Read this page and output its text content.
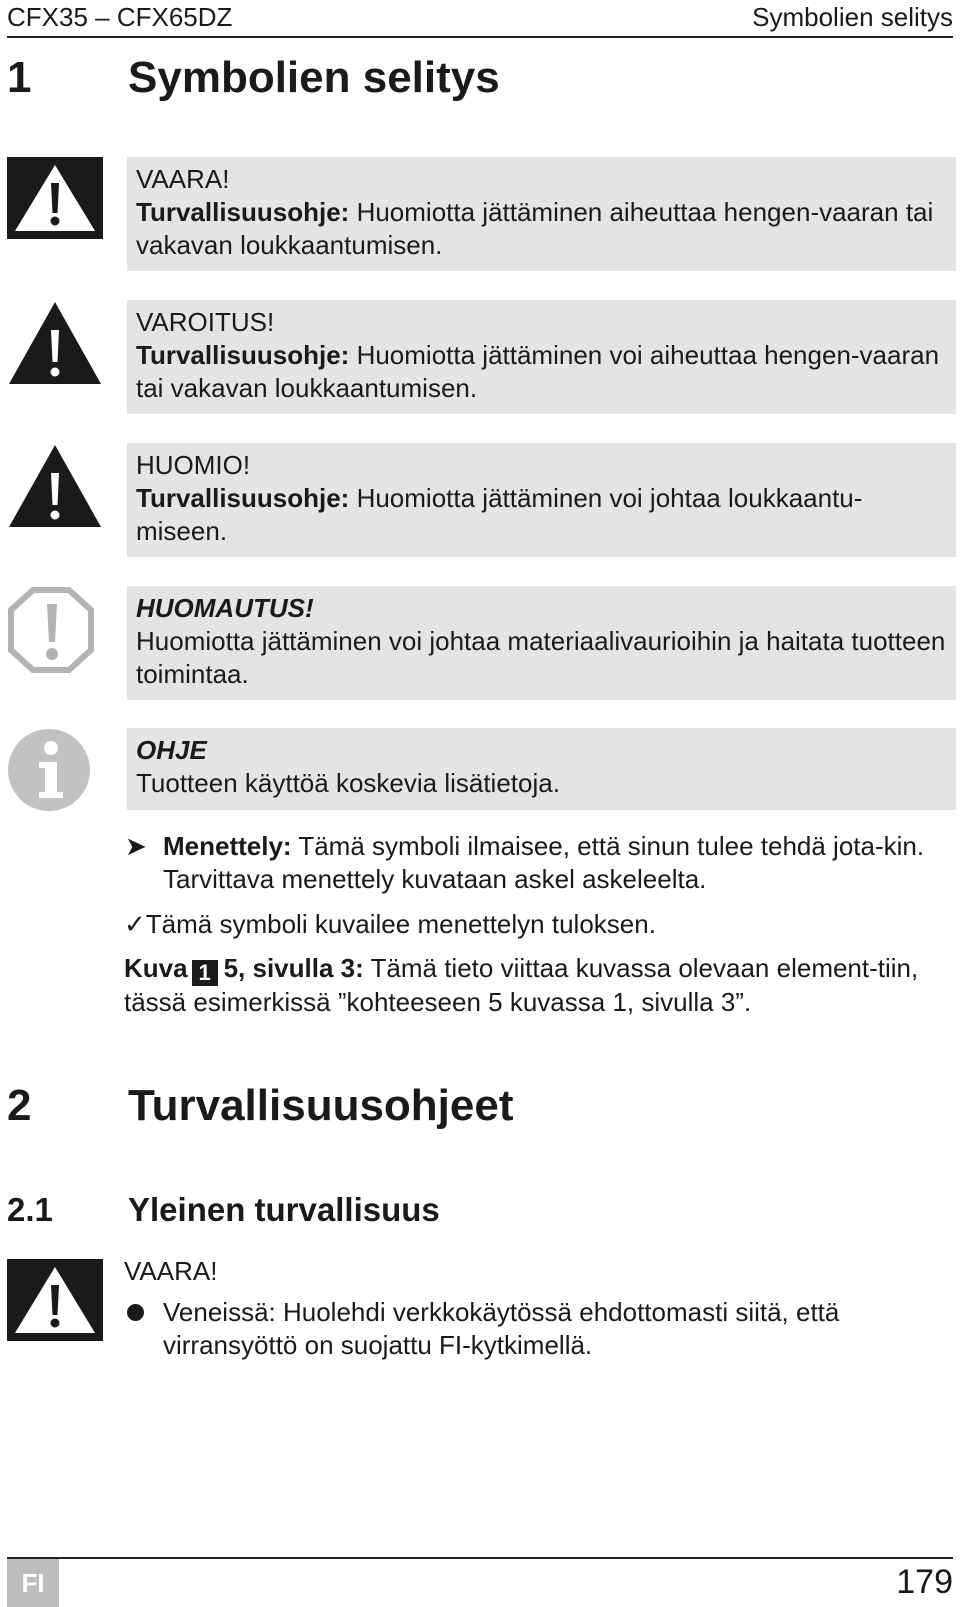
CFX35 – CFX65DZ	Symbolien selitys
1 Symbolien selitys
VAARA!
Turvallisuusohje: Huomiotta jättäminen aiheuttaa hengen-vaaran tai vakavan loukkaantumisen.
VAROITUS!
Turvallisuusohje: Huomiotta jättäminen voi aiheuttaa hengen-vaaran tai vakavan loukkaantumisen.
HUOMIO!
Turvallisuusohje: Huomiotta jättäminen voi johtaa loukkaantu-miseen.
HUOMAUTUS!
Huomiotta jättäminen voi johtaa materiaalivaurioihin ja haitata tuotteen toimintaa.
OHJE
Tuotteen käyttöä koskevia lisätietoja.
➤ Menettely: Tämä symboli ilmaisee, että sinun tulee tehdä jota-kin. Tarvittava menettely kuvataan askel askeleelta.
✓Tämä symboli kuvailee menettelyn tuloksen.
Kuva 1 5, sivulla 3: Tämä tieto viittaa kuvassa olevaan element-tiin, tässä esimerkissä ”kohteeseen 5 kuvassa 1, sivulla 3”.
2 Turvallisuusohjeet
2.1 Yleinen turvallisuus
VAARA!
Veneissä: Huolehdi verkkokäytössä ehdottomasti siitä, että virransyöttö on suojattu FI-kytkimellä.
FI	179
